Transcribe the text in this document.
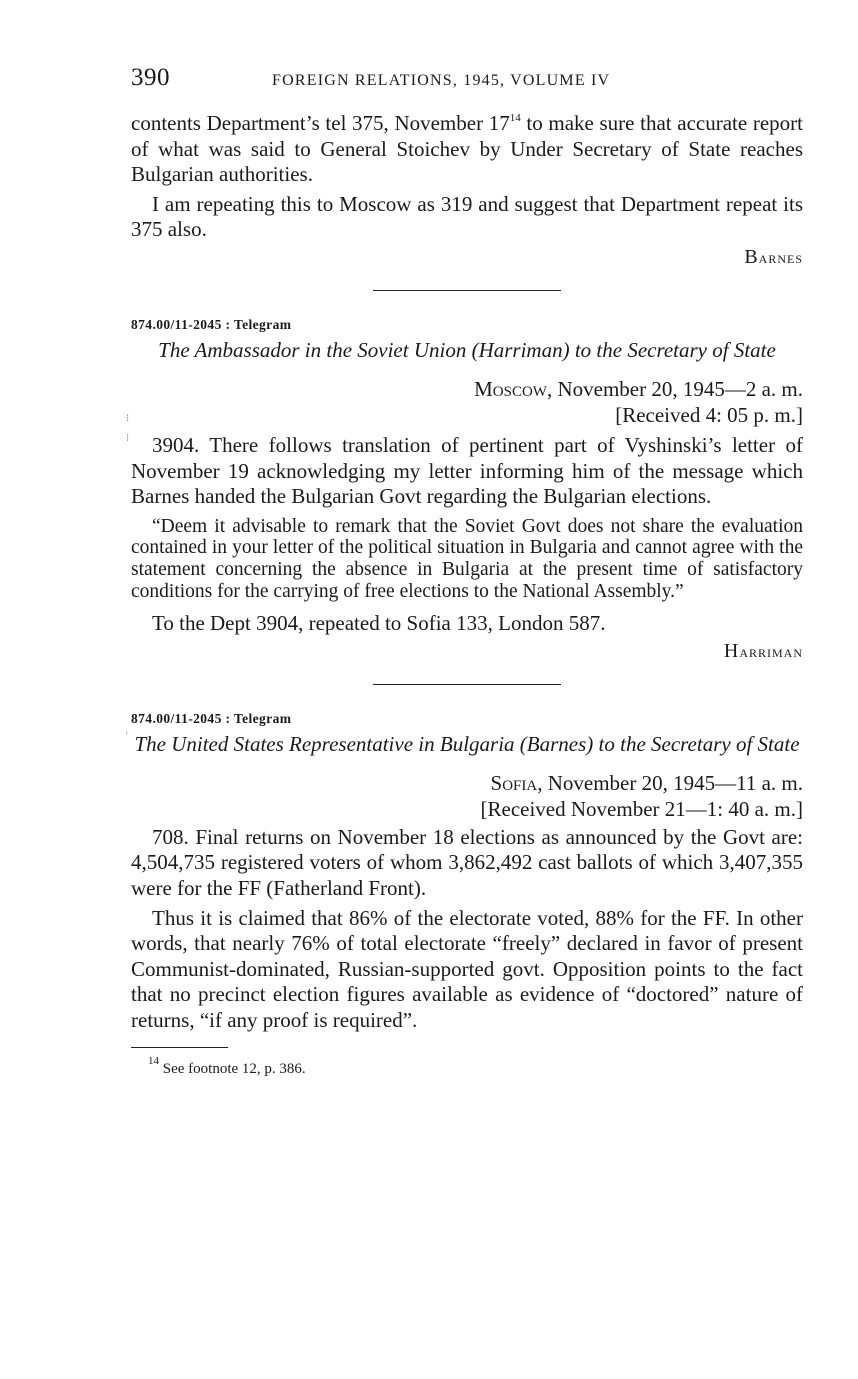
⁝
⁝
ʳ
390	FOREIGN RELATIONS, 1945, VOLUME IV

contents Department’s tel 375, November $17^{14}$ to make sure that accurate report of what was said to General Stoichev by Under Secretary of State reaches Bulgarian authorities.

I am repeating this to Moscow as 319 and suggest that Department repeat its 375 also.

Barnes
874.00/11-2045 : Telegram
The Ambassador in the Soviet Union (Harriman) to the Secretary of State
Moscow, November 20, 1945—2 a. m.
[Received 4: 05 p. m.]

3904. There follows translation of pertinent part of Vyshinski’s letter of November 19 acknowledging my letter informing him of the message which Barnes handed the Bulgarian Govt regarding the Bulgarian elections.

“Deem it advisable to remark that the Soviet Govt does not share the evaluation contained in your letter of the political situation in Bulgaria and cannot agree with the statement concerning the absence in Bulgaria at the present time of satisfactory conditions for the carrying of free elections to the National Assembly.”

To the Dept 3904, repeated to Sofia 133, London 587.

Harriman
874.00/11-2045 : Telegram
The United States Representative in Bulgaria (Barnes) to the Secretary of State
Sofia, November 20, 1945—11 a. m.
[Received November 21—1: 40 a. m.]

708. Final returns on November 18 elections as announced by the Govt are: 4,504,735 registered voters of whom 3,862,492 cast ballots of which 3,407,355 were for the FF (Fatherland Front).

Thus it is claimed that 86% of the electorate voted, 88% for the FF. In other words, that nearly 76% of total electorate “freely” declared in favor of present Communist-dominated, Russian-supported govt. Opposition points to the fact that no precinct election figures available as evidence of “doctored” nature of returns, “if any proof is required”.

$^{14}$ See footnote 12, p. 386.
